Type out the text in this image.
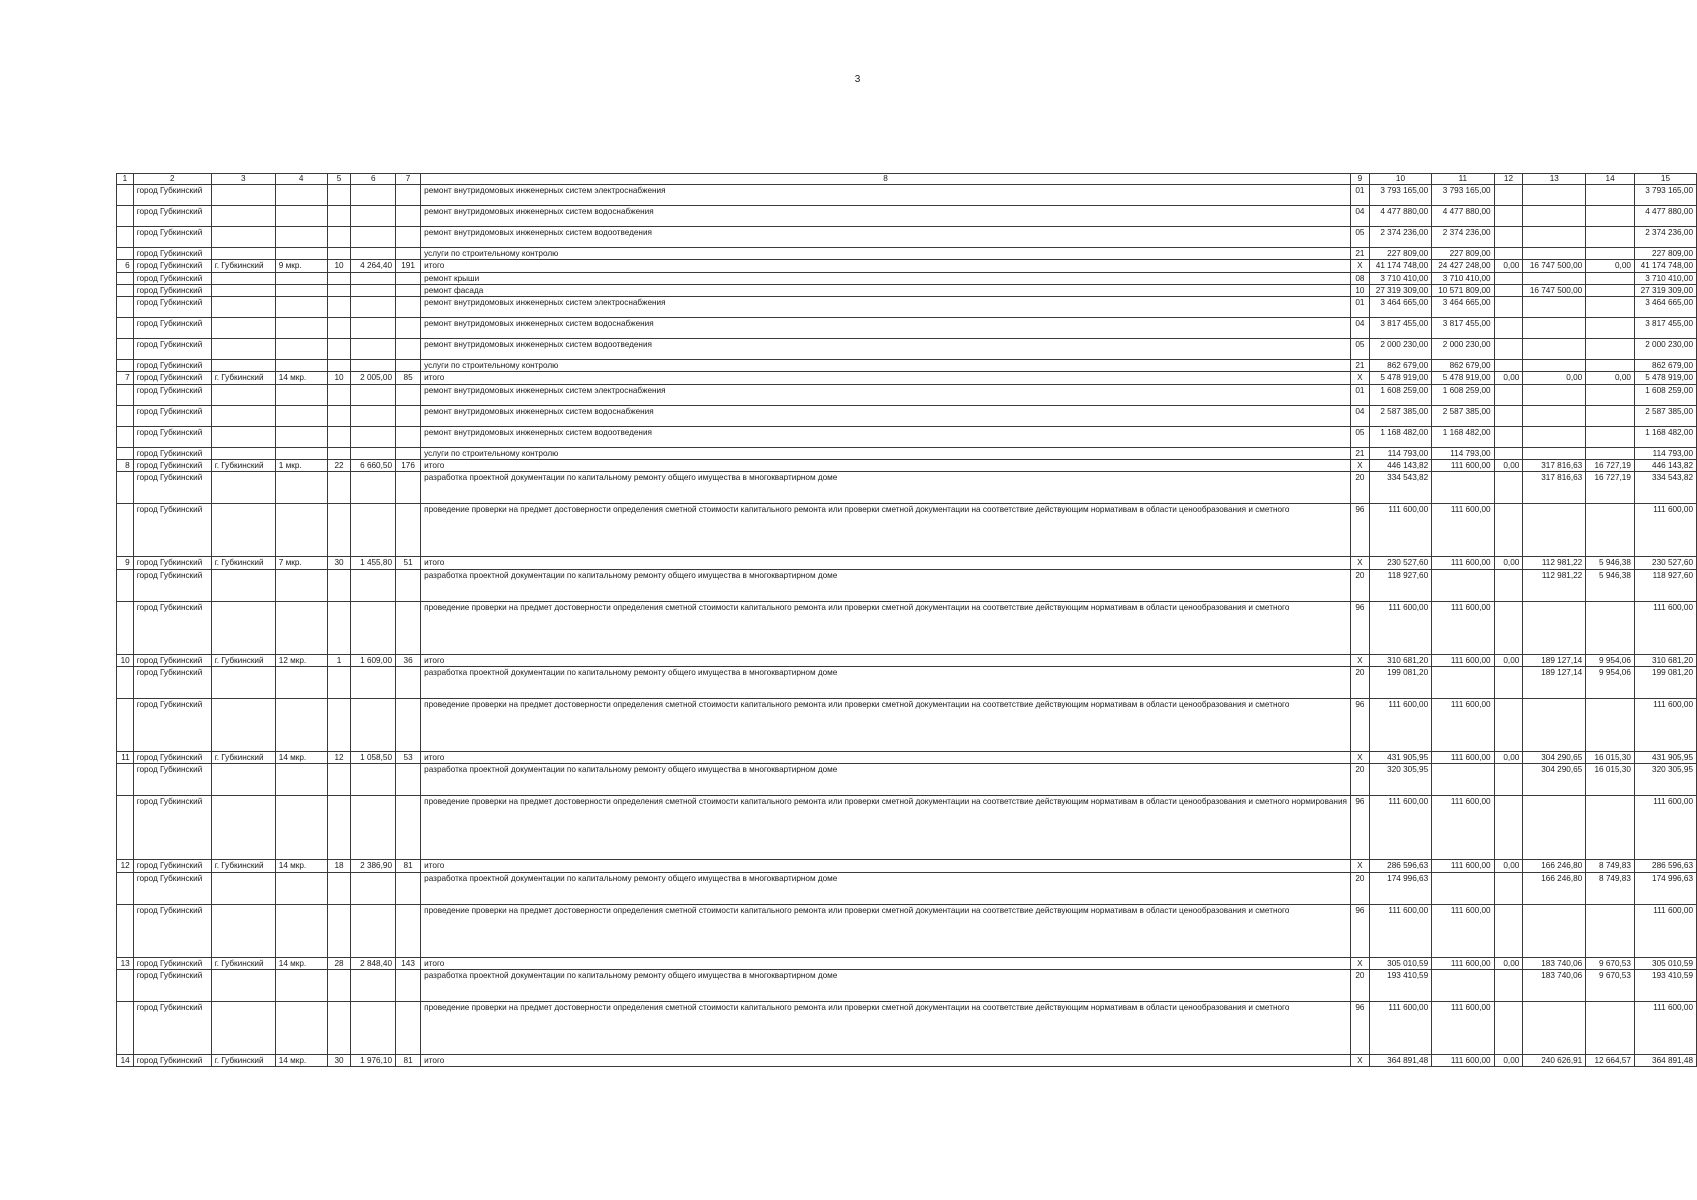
3
1	2	3	4	5	6	7	8	9	10	11	12	13	14	15
	город Губкинский						ремонт внутридомовых инженерных систем электроснабжения	01	3 793 165,00	3 793 165,00				3 793 165,00
	город Губкинский						ремонт внутридомовых инженерных систем водоснабжения	04	4 477 880,00	4 477 880,00				4 477 880,00
	город Губкинский						ремонт внутридомовых инженерных систем водоотведения	05	2 374 236,00	2 374 236,00				2 374 236,00
	город Губкинский						услуги по строительному контролю	21	227 809,00	227 809,00				227 809,00
6	город Губкинский	г. Губкинский	9 мкр.	10	4 264,40	191	итого	X	41 174 748,00	24 427 248,00	0,00	16 747 500,00	0,00	41 174 748,00
	город Губкинский						ремонт крыши	08	3 710 410,00	3 710 410,00				3 710 410,00
	город Губкинский						ремонт фасада	10	27 319 309,00	10 571 809,00		16 747 500,00		27 319 309,00
	город Губкинский						ремонт внутридомовых инженерных систем электроснабжения	01	3 464 665,00	3 464 665,00				3 464 665,00
	город Губкинский						ремонт внутридомовых инженерных систем водоснабжения	04	3 817 455,00	3 817 455,00				3 817 455,00
	город Губкинский						ремонт внутридомовых инженерных систем водоотведения	05	2 000 230,00	2 000 230,00				2 000 230,00
	город Губкинский						услуги по строительному контролю	21	862 679,00	862 679,00				862 679,00
7	город Губкинский	г. Губкинский	14 мкр.	10	2 005,00	85	итого	X	5 478 919,00	5 478 919,00	0,00	0,00	0,00	5 478 919,00
	город Губкинский						ремонт внутридомовых инженерных систем электроснабжения	01	1 608 259,00	1 608 259,00				1 608 259,00
	город Губкинский						ремонт внутридомовых инженерных систем водоснабжения	04	2 587 385,00	2 587 385,00				2 587 385,00
	город Губкинский						ремонт внутридомовых инженерных систем водоотведения	05	1 168 482,00	1 168 482,00				1 168 482,00
	город Губкинский						услуги по строительному контролю	21	114 793,00	114 793,00				114 793,00
8	город Губкинский	г. Губкинский	1 мкр.	22	6 660,50	176	итого	X	446 143,82	111 600,00	0,00	317 816,63	16 727,19	446 143,82
	город Губкинский						разработка проектной документации по капитальному ремонту общего имущества в многоквартирном доме	20	334 543,82			317 816,63	16 727,19	334 543,82
	город Губкинский						проведение проверки на предмет достоверности определения сметной стоимости капитального ремонта или проверки сметной документации на соответствие действующим нормативам в области ценообразования и сметного	96	111 600,00	111 600,00				111 600,00
9	город Губкинский	г. Губкинский	7 мкр.	30	1 455,80	51	итого	X	230 527,60	111 600,00	0,00	112 981,22	5 946,38	230 527,60
	город Губкинский						разработка проектной документации по капитальному ремонту общего имущества в многоквартирном доме	20	118 927,60			112 981,22	5 946,38	118 927,60
	город Губкинский						проведение проверки на предмет достоверности определения сметной стоимости капитального ремонта или проверки сметной документации на соответствие действующим нормативам в области ценообразования и сметного	96	111 600,00	111 600,00				111 600,00
10	город Губкинский	г. Губкинский	12 мкр.	1	1 609,00	36	итого	X	310 681,20	111 600,00	0,00	189 127,14	9 954,06	310 681,20
	город Губкинский						разработка проектной документации по капитальному ремонту общего имущества в многоквартирном доме	20	199 081,20			189 127,14	9 954,06	199 081,20
	город Губкинский						проведение проверки на предмет достоверности определения сметной стоимости капитального ремонта или проверки сметной документации на соответствие действующим нормативам в области ценообразования и сметного	96	111 600,00	111 600,00				111 600,00
11	город Губкинский	г. Губкинский	14 мкр.	12	1 058,50	53	итого	X	431 905,95	111 600,00	0,00	304 290,65	16 015,30	431 905,95
	город Губкинский						разработка проектной документации по капитальному ремонту общего имущества в многоквартирном доме	20	320 305,95			304 290,65	16 015,30	320 305,95
	город Губкинский						проведение проверки на предмет достоверности определения сметной стоимости капитального ремонта или проверки сметной документации на соответствие действующим нормативам в области ценообразования и сметного нормирования	96	111 600,00	111 600,00				111 600,00
12	город Губкинский	г. Губкинский	14 мкр.	18	2 386,90	81	итого	X	286 596,63	111 600,00	0,00	166 246,80	8 749,83	286 596,63
	город Губкинский						разработка проектной документации по капитальному ремонту общего имущества в многоквартирном доме	20	174 996,63			166 246,80	8 749,83	174 996,63
	город Губкинский						проведение проверки на предмет достоверности определения сметной стоимости капитального ремонта или проверки сметной документации на соответствие действующим нормативам в области ценообразования и сметного	96	111 600,00	111 600,00				111 600,00
13	город Губкинский	г. Губкинский	14 мкр.	28	2 848,40	143	итого	X	305 010,59	111 600,00	0,00	183 740,06	9 670,53	305 010,59
	город Губкинский						разработка проектной документации по капитальному ремонту общего имущества в многоквартирном доме	20	193 410,59			183 740,06	9 670,53	193 410,59
	город Губкинский						проведение проверки на предмет достоверности определения сметной стоимости капитального ремонта или проверки сметной документации на соответствие действующим нормативам в области ценообразования и сметного	96	111 600,00	111 600,00				111 600,00
14	город Губкинский	г. Губкинский	14 мкр.	30	1 976,10	81	итого	X	364 891,48	111 600,00	0,00	240 626,91	12 664,57	364 891,48
